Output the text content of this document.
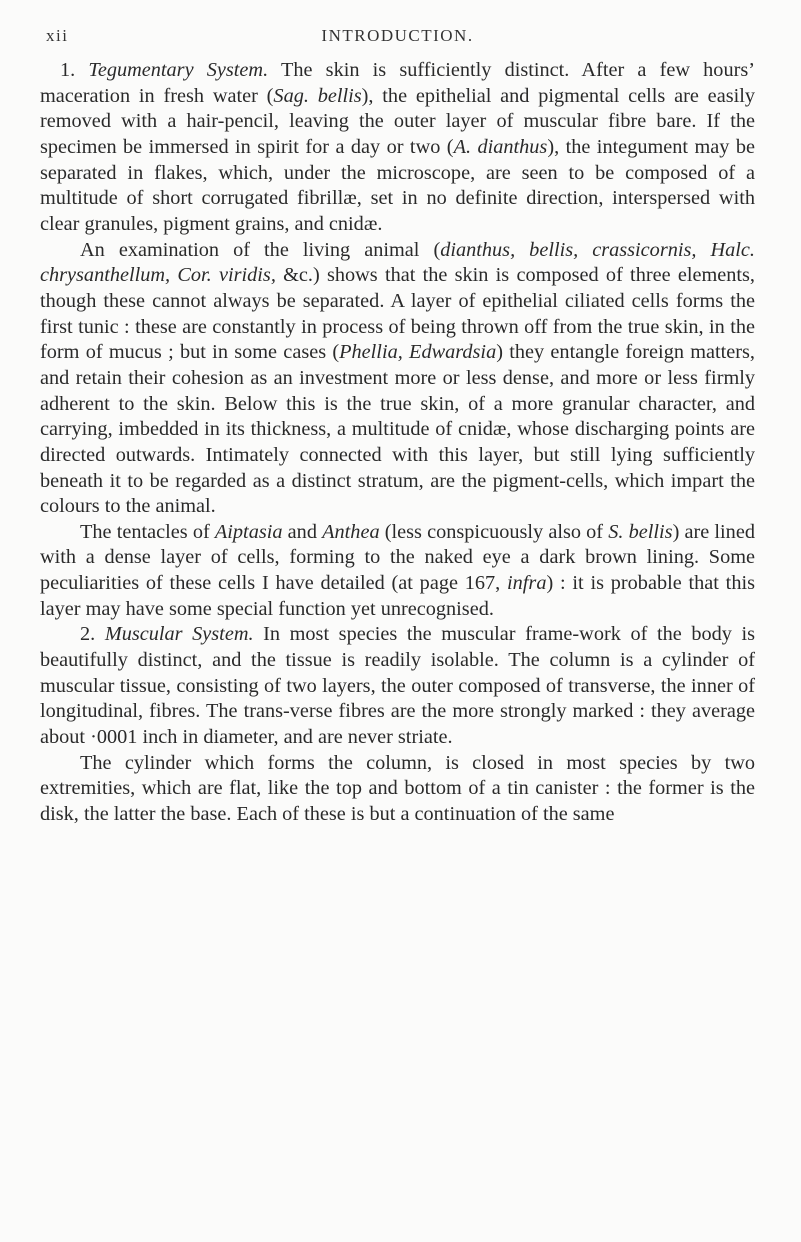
xii	INTRODUCTION.

1. Tegumentary System. The skin is sufficiently distinct. After a few hours’ maceration in fresh water (Sag. bellis), the epithelial and pigmental cells are easily removed with a hair-pencil, leaving the outer layer of muscular fibre bare. If the specimen be immersed in spirit for a day or two (A. dianthus), the integument may be separated in flakes, which, under the microscope, are seen to be composed of a multitude of short corrugated fibrillæ, set in no definite direction, interspersed with clear granules, pigment grains, and cnidæ.

An examination of the living animal (dianthus, bellis, crassicornis, Halc. chrysanthellum, Cor. viridis, &c.) shows that the skin is composed of three elements, though these cannot always be separated. A layer of epithelial ciliated cells forms the first tunic : these are constantly in process of being thrown off from the true skin, in the form of mucus ; but in some cases (Phellia, Edwardsia) they entangle foreign matters, and retain their cohesion as an investment more or less dense, and more or less firmly adherent to the skin. Below this is the true skin, of a more granular character, and carrying, imbedded in its thickness, a multitude of cnidæ, whose discharging points are directed outwards. Intimately connected with this layer, but still lying sufficiently beneath it to be regarded as a distinct stratum, are the pigment-cells, which impart the colours to the animal.

The tentacles of Aiptasia and Anthea (less conspicuously also of S. bellis) are lined with a dense layer of cells, forming to the naked eye a dark brown lining. Some peculiarities of these cells I have detailed (at page 167, infra) : it is probable that this layer may have some special function yet unrecognised.

2. Muscular System. In most species the muscular frame-work of the body is beautifully distinct, and the tissue is readily isolable. The column is a cylinder of muscular tissue, consisting of two layers, the outer composed of transverse, the inner of longitudinal, fibres. The trans-verse fibres are the more strongly marked : they average about ·0001 inch in diameter, and are never striate.

The cylinder which forms the column, is closed in most species by two extremities, which are flat, like the top and bottom of a tin canister : the former is the disk, the latter the base. Each of these is but a continuation of the same
